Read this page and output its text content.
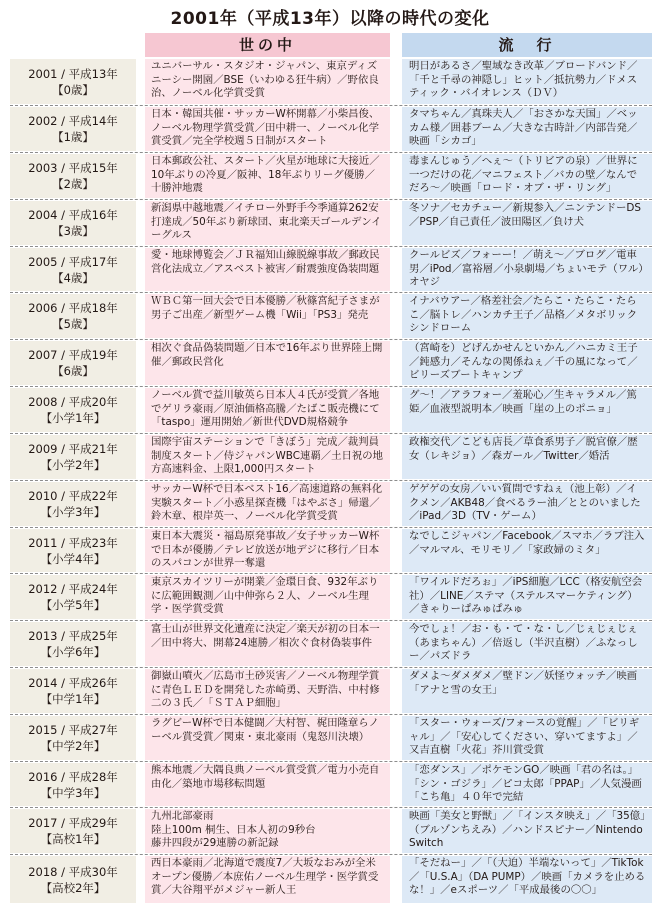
2001年（平成13年）以降の時代の変化
世の中	流　行
2001 / 平成13年
【0歳】
ユニバーサル・スタジオ・ジャパン、東京ディズニーシー開園／BSE（いわゆる狂牛病）／野依良治、ノーベル化学賞受賞
明日があるさ／聖域なき改革／ブロードバンド／「千と千尋の神隠し」ヒット／抵抗勢力／ドメスティック・バイオレンス（ＤＶ）
2002 / 平成14年
【1歳】
日本・韓国共催・サッカーW杯開幕／小柴昌俊、ノーベル物理学賞受賞／田中耕一、ノーベル化学賞受賞／完全学校週５日制がスタート
タマちゃん／真珠夫人／「おさかな天国」／ベッカム様／囲碁ブーム／大きな古時計／内部告発／映画「シカゴ」
2003 / 平成15年
【2歳】
日本郵政公社、スタート／火星が地球に大接近／10年ぶりの冷夏／阪神、18年ぶりリーグ優勝／十勝沖地震
毒まんじゅう／へぇ～（トリビアの泉）／世界に一つだけの花／マニフェスト／バカの壁／なんでだろ～／映画「ロード・オブ・ザ・リング」
2004 / 平成16年
【3歳】
新潟県中越地震／イチロー外野手今季通算262安打達成／50年ぶり新球団、東北楽天ゴールデンイーグルス
冬ソナ／セカチュー／新規参入／ニンテンドーDS／PSP／自己責任／波田陽区／負け犬
2005 / 平成17年
【4歳】
愛・地球博覧会／ＪＲ福知山線脱線事故／郵政民営化法成立／アスベスト被害／耐震強度偽装問題
クールビズ／フォーー！／萌え～／ブログ／電車男／iPod／富裕層／小泉劇場／ちょいモテ（ワル）オヤジ
2006 / 平成18年
【5歳】
ＷＢＣ第一回大会で日本優勝／秋篠宮紀子さまが男子ご出産／新型ゲーム機「Wii」「PS3」発売
イナバウアー／格差社会／たらこ・たらこ・たらこ／脳トレ／ハンカチ王子／品格／メタボリックシンドローム
2007 / 平成19年
【6歳】
相次ぐ食品偽装問題／日本で16年ぶり世界陸上開催／郵政民営化
（宮崎を）どげんかせんといかん／ハニカミ王子／鈍感力／そんなの関係ねぇ／千の風になって／ビリーズブートキャンプ
2008 / 平成20年
【小学1年】
ノーベル賞で益川敏英ら日本人４氏が受賞／各地でゲリラ豪雨／原油価格高騰／たばこ販売機にて「taspo」運用開始／新世代DVD規格競争
グ～！／アラフォー／羞恥心／生キャラメル／篤姫／血液型説明本／映画「崖の上のポニョ」
2009 / 平成21年
【小学2年】
国際宇宙ステーションで「きぼう」完成／裁判員制度スタート／侍ジャパンWBC連覇／土日祝の地方高速料金、上限1,000円スタート
政権交代／こども店長／草食系男子／脱官僚／歴女（レキジョ）／森ガール／Twitter／婚活
2010 / 平成22年
【小学3年】
サッカーW杯で日本ベスト16／高速道路の無料化実験スタート／小惑星探査機「はやぶさ」帰還／鈴木章、根岸英一、ノーベル化学賞受賞
ゲゲゲの女房／いい質問ですねぇ（池上彰）／イクメン／AKB48／食べるラー油／ととのいました／iPad／3D（TV・ゲーム）
2011 / 平成23年
【小学4年】
東日本大震災・福島原発事故／女子サッカーW杯で日本が優勝／テレビ放送が地デジに移行／日本のスパコンが世界一奪還
なでしこジャパン／Facebook／スマホ／ラブ注入／マルマル、モリモリ／「家政婦のミタ」
2012 / 平成24年
【小学5年】
東京スカイツリーが開業／金環日食、932年ぶりに広範囲観測／山中伸弥ら２人、ノーベル生理学・医学賞受賞
「ワイルドだろぉ」／iPS細胞／LCC（格安航空会社）／LINE／ステマ（ステルスマーケティング）／きゃりーぱみゅぱみゅ
2013 / 平成25年
【小学6年】
富士山が世界文化遺産に決定／楽天が初の日本一／田中将大、開幕24連勝／相次ぐ食材偽装事件
今でしょ！／お・も・て・な・し／じぇじぇじぇ（あまちゃん）／倍返し（半沢直樹）／ふなっしー／パズドラ
2014 / 平成26年
【中学1年】
御嶽山噴火／広島市土砂災害／ノーベル物理学賞に青色ＬＥＤを開発した赤崎勇、天野浩、中村修二の３氏／「ＳＴＡＰ細胞」
ダメよ～ダメダメ／壁ドン／妖怪ウォッチ／映画「アナと雪の女王」
2015 / 平成27年
【中学2年】
ラグビーW杯で日本健闘／大村智、梶田隆章らノーベル賞受賞／関東・東北豪雨（鬼怒川決壊）
「スター・ウォーズ/フォースの覚醒」／「ビリギャル」／「安心してください、穿いてますよ」／又吉直樹「火花」芥川賞受賞
2016 / 平成28年
【中学3年】
熊本地震／大隅良典ノーベル賞受賞／電力小売自由化／築地市場移転問題
「恋ダンス」／ポケモンGO／映画「君の名は。」「シン・ゴジラ」／ピコ太郎「PPAP」／人気漫画「こち亀」４０年で完結
2017 / 平成29年
【高校1年】
九州北部豪雨
陸上100m 桐生、日本人初の9秒台
藤井四段が29連勝の新記録
映画「美女と野獣」／「インスタ映え」／「35億」（ブルゾンちえみ）／ハンドスピナー／Nintendo Switch
2018 / 平成30年
【高校2年】
西日本豪雨／北海道で震度7／大坂なおみが全米オープン優勝／本庶佑ノーベル生理学・医学賞受賞／大谷翔平がメジャー新人王
「そだねー」／「（大迫）半端ないって」／TikTok／「U.S.A」（DA PUMP）／映画「カメラを止めるな！」／eスポーツ／「平成最後の〇〇」
